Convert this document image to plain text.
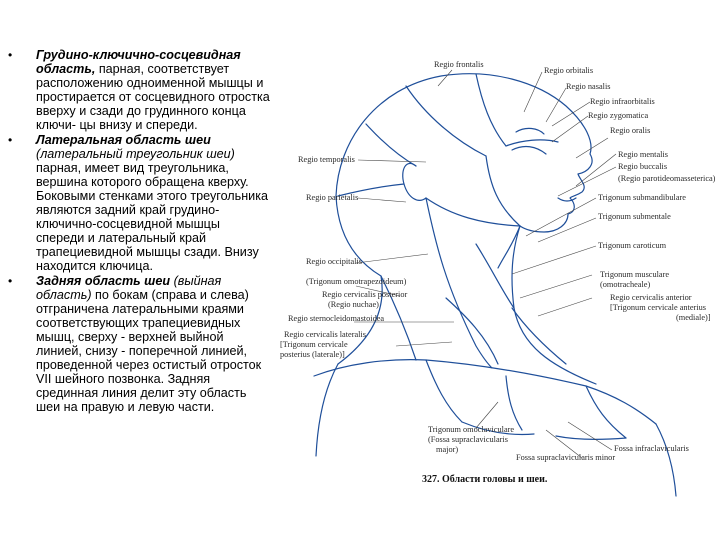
• Грудино-ключично-сосцевидная область, парная, соответствует расположению одноименной мышцы и простирается от сосцевидного отростка вверху и сзади до грудинного конца ключи- цы внизу и спереди.
• Латеральная область шеи (латеральный треугольник шеи) парная, имеет вид треугольника, вершина которого обращена кверху. Боковыми стенками этого треугольника являются задний край грудино-ключично-сосцевидной мышцы спереди и латеральный край трапециевидной мышцы сзади. Внизу находится ключица.
• Задняя область шеи (выйная область) по бокам (справа и слева) отграничена латеральными краями соответствующих трапециевидных мышц, сверху - верхней выйной линией, снизу - поперечной линией, проведенной через остистый отросток VII шейного позвонка. Задняя срединная линия делит эту область шеи на правую и левую части.
Regio frontalis
Regio orbitalis
Regio nasalis
Regio infraorbitalis
Regio zygomatica
Regio oralis
Regio temporalis
Regio mentalis
Regio buccalis
(Regio parotideomasseterica)
Regio parietalis	Trigonum submandibulare
Trigonum submentale
Trigonum caroticum
Regio occipitalis
(Trigonum omotrapezoideum)
Trigonum musculare
(omotracheale)
Regio cervicalis posterior
(Regio nuchae)
Regio cervicalis anterior
[Trigonum cervicale anterius
(mediale)]
Regio sternocleidomastoidea
Regio cervicalis lateralis
[Trigonum cervicale
posterius (laterale)]
Fossa infraclavicularis
Trigonum omoclaviculare
(Fossa supraclavicularis
major)
Fossa supraclavicularis minor
327. Области головы и шеи.
